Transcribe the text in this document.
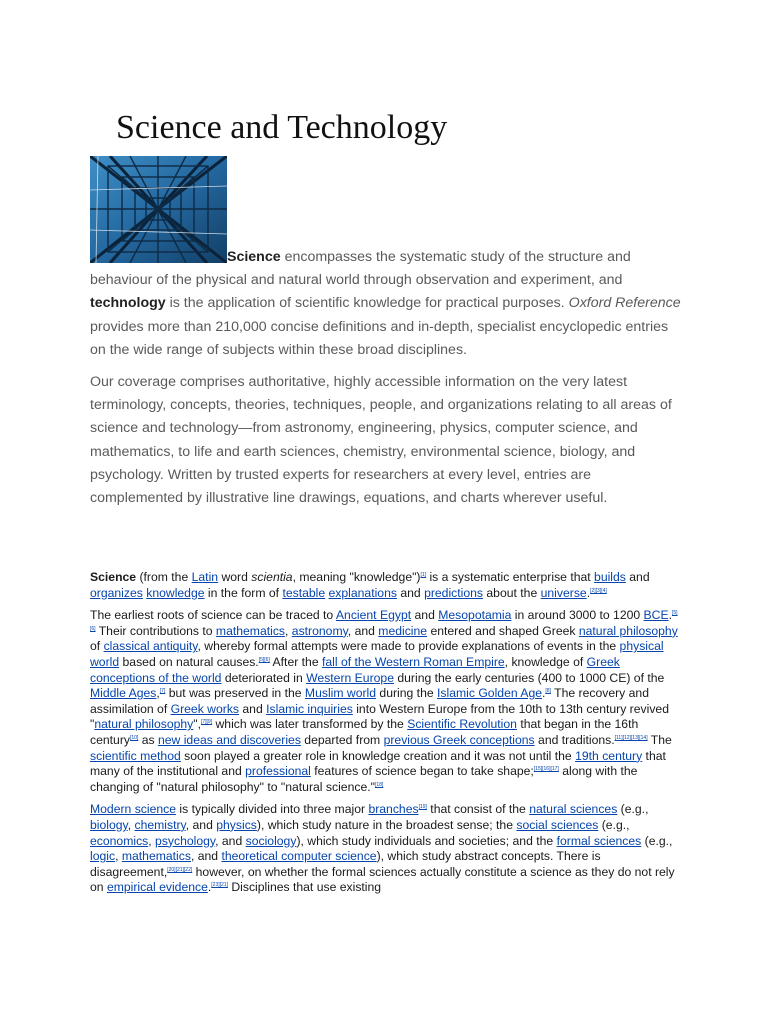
Science and Technology

Science encompasses the systematic study of the structure and behaviour of the physical and natural world through observation and experiment, and technology is the application of scientific knowledge for practical purposes. Oxford Reference provides more than 210,000 concise definitions and in-depth, specialist encyclopedic entries on the wide range of subjects within these broad disciplines.

Our coverage comprises authoritative, highly accessible information on the very latest terminology, concepts, theories, techniques, people, and organizations relating to all areas of science and technology—from astronomy, engineering, physics, computer science, and mathematics, to life and earth sciences, chemistry, environmental science, biology, and psychology. Written by trusted experts for researchers at every level, entries are complemented by illustrative line drawings, equations, and charts wherever useful.

Science (from the Latin word scientia, meaning "knowledge")[1] is a systematic enterprise that builds and organizes knowledge in the form of testable explanations and predictions about the universe.[2][3][4]

The earliest roots of science can be traced to Ancient Egypt and Mesopotamia in around 3000 to 1200 BCE.[5][6] Their contributions to mathematics, astronomy, and medicine entered and shaped Greek natural philosophy of classical antiquity, whereby formal attempts were made to provide explanations of events in the physical world based on natural causes.[5][6] After the fall of the Western Roman Empire, knowledge of Greek conceptions of the world deteriorated in Western Europe during the early centuries (400 to 1000 CE) of the Middle Ages,[7] but was preserved in the Muslim world during the Islamic Golden Age.[8] The recovery and assimilation of Greek works and Islamic inquiries into Western Europe from the 10th to 13th century revived "natural philosophy",[7][9] which was later transformed by the Scientific Revolution that began in the 16th century[10] as new ideas and discoveries departed from previous Greek conceptions and traditions.[11][12][13][14] The scientific method soon played a greater role in knowledge creation and it was not until the 19th century that many of the institutional and professional features of science began to take shape;[15][16][17] along with the changing of "natural philosophy" to "natural science."[18]

Modern science is typically divided into three major branches[19] that consist of the natural sciences (e.g., biology, chemistry, and physics), which study nature in the broadest sense; the social sciences (e.g., economics, psychology, and sociology), which study individuals and societies; and the formal sciences (e.g., logic, mathematics, and theoretical computer science), which study abstract concepts. There is disagreement,[20][21][22] however, on whether the formal sciences actually constitute a science as they do not rely on empirical evidence.[23][21] Disciplines that use existing
